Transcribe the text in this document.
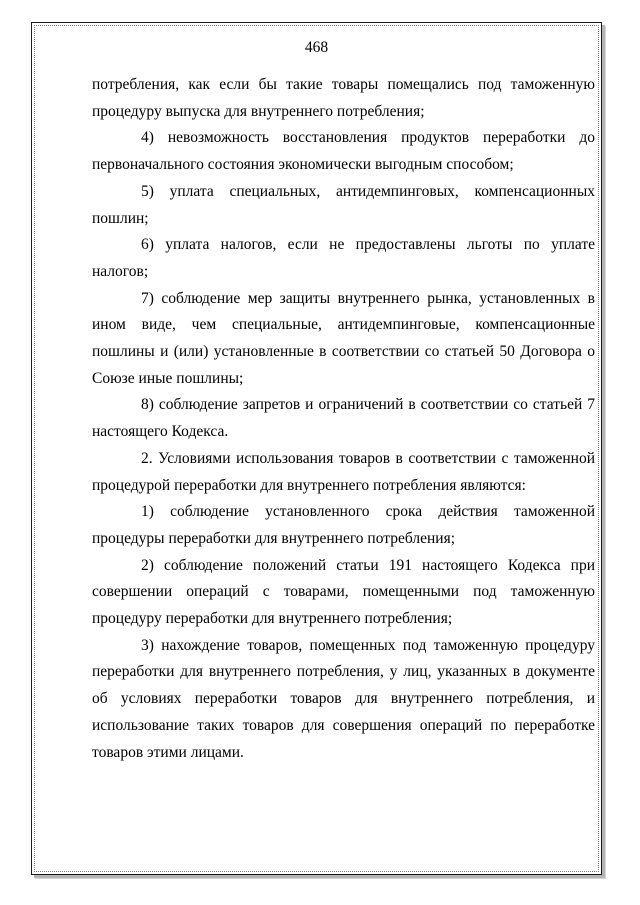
468

потребления, как если бы такие товары помещались под таможенную процедуру выпуска для внутреннего потребления;

4) невозможность восстановления продуктов переработки до первоначального состояния экономически выгодным способом;

5) уплата специальных, антидемпинговых, компенсационных пошлин;

6) уплата налогов, если не предоставлены льготы по уплате налогов;

7) соблюдение мер защиты внутреннего рынка, установленных в ином виде, чем специальные, антидемпинговые, компенсационные пошлины и (или) установленные в соответствии со статьей 50 Договора о Союзе иные пошлины;

8) соблюдение запретов и ограничений в соответствии со статьей 7 настоящего Кодекса.

2. Условиями использования товаров в соответствии с таможенной процедурой переработки для внутреннего потребления являются:

1) соблюдение установленного срока действия таможенной процедуры переработки для внутреннего потребления;

2) соблюдение положений статьи 191 настоящего Кодекса при совершении операций с товарами, помещенными под таможенную процедуру переработки для внутреннего потребления;

3) нахождение товаров, помещенных под таможенную процедуру переработки для внутреннего потребления, у лиц, указанных в документе об условиях переработки товаров для внутреннего потребления, и использование таких товаров для совершения операций по переработке товаров этими лицами.
